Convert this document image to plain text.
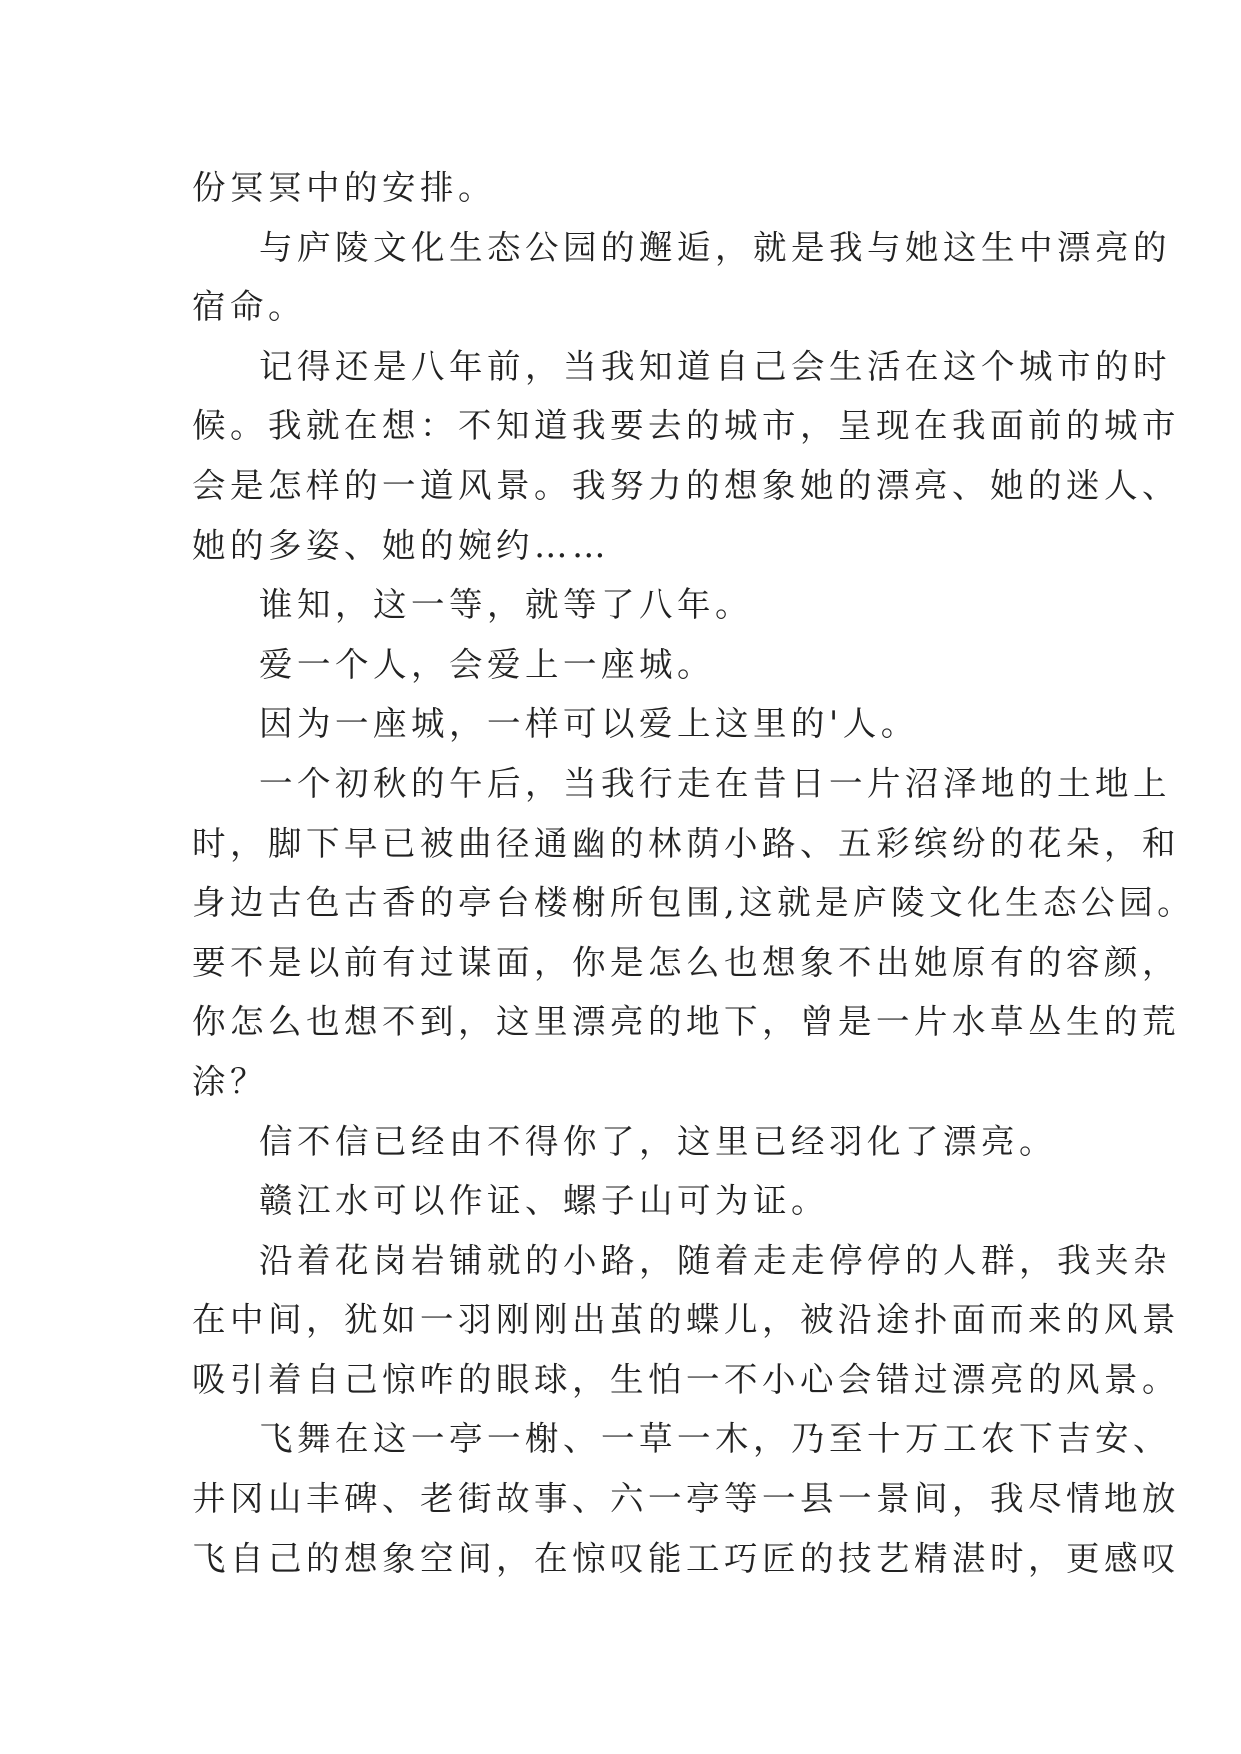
份冥冥中的安排。
与庐陵文化生态公园的邂逅，就是我与她这生中漂亮的
宿命。
记得还是八年前，当我知道自己会生活在这个城市的时
候。我就在想：不知道我要去的城市，呈现在我面前的城市
会是怎样的一道风景。我努力的想象她的漂亮、她的迷人、
她的多姿、她的婉约……
谁知，这一等，就等了八年。
爱一个人，会爱上一座城。
因为一座城，一样可以爱上这里的'人。
一个初秋的午后，当我行走在昔日一片沼泽地的土地上
时，脚下早已被曲径通幽的林荫小路、五彩缤纷的花朵，和
身边古色古香的亭台楼榭所包围,这就是庐陵文化生态公园。
要不是以前有过谋面，你是怎么也想象不出她原有的容颜，
你怎么也想不到，这里漂亮的地下，曾是一片水草丛生的荒
涂？
信不信已经由不得你了，这里已经羽化了漂亮。
赣江水可以作证、螺子山可为证。
沿着花岗岩铺就的小路，随着走走停停的人群，我夹杂
在中间，犹如一羽刚刚出茧的蝶儿，被沿途扑面而来的风景
吸引着自己惊咋的眼球，生怕一不小心会错过漂亮的风景。
飞舞在这一亭一榭、一草一木，乃至十万工农下吉安、
井冈山丰碑、老街故事、六一亭等一县一景间，我尽情地放
飞自己的想象空间，在惊叹能工巧匠的技艺精湛时，更感叹
